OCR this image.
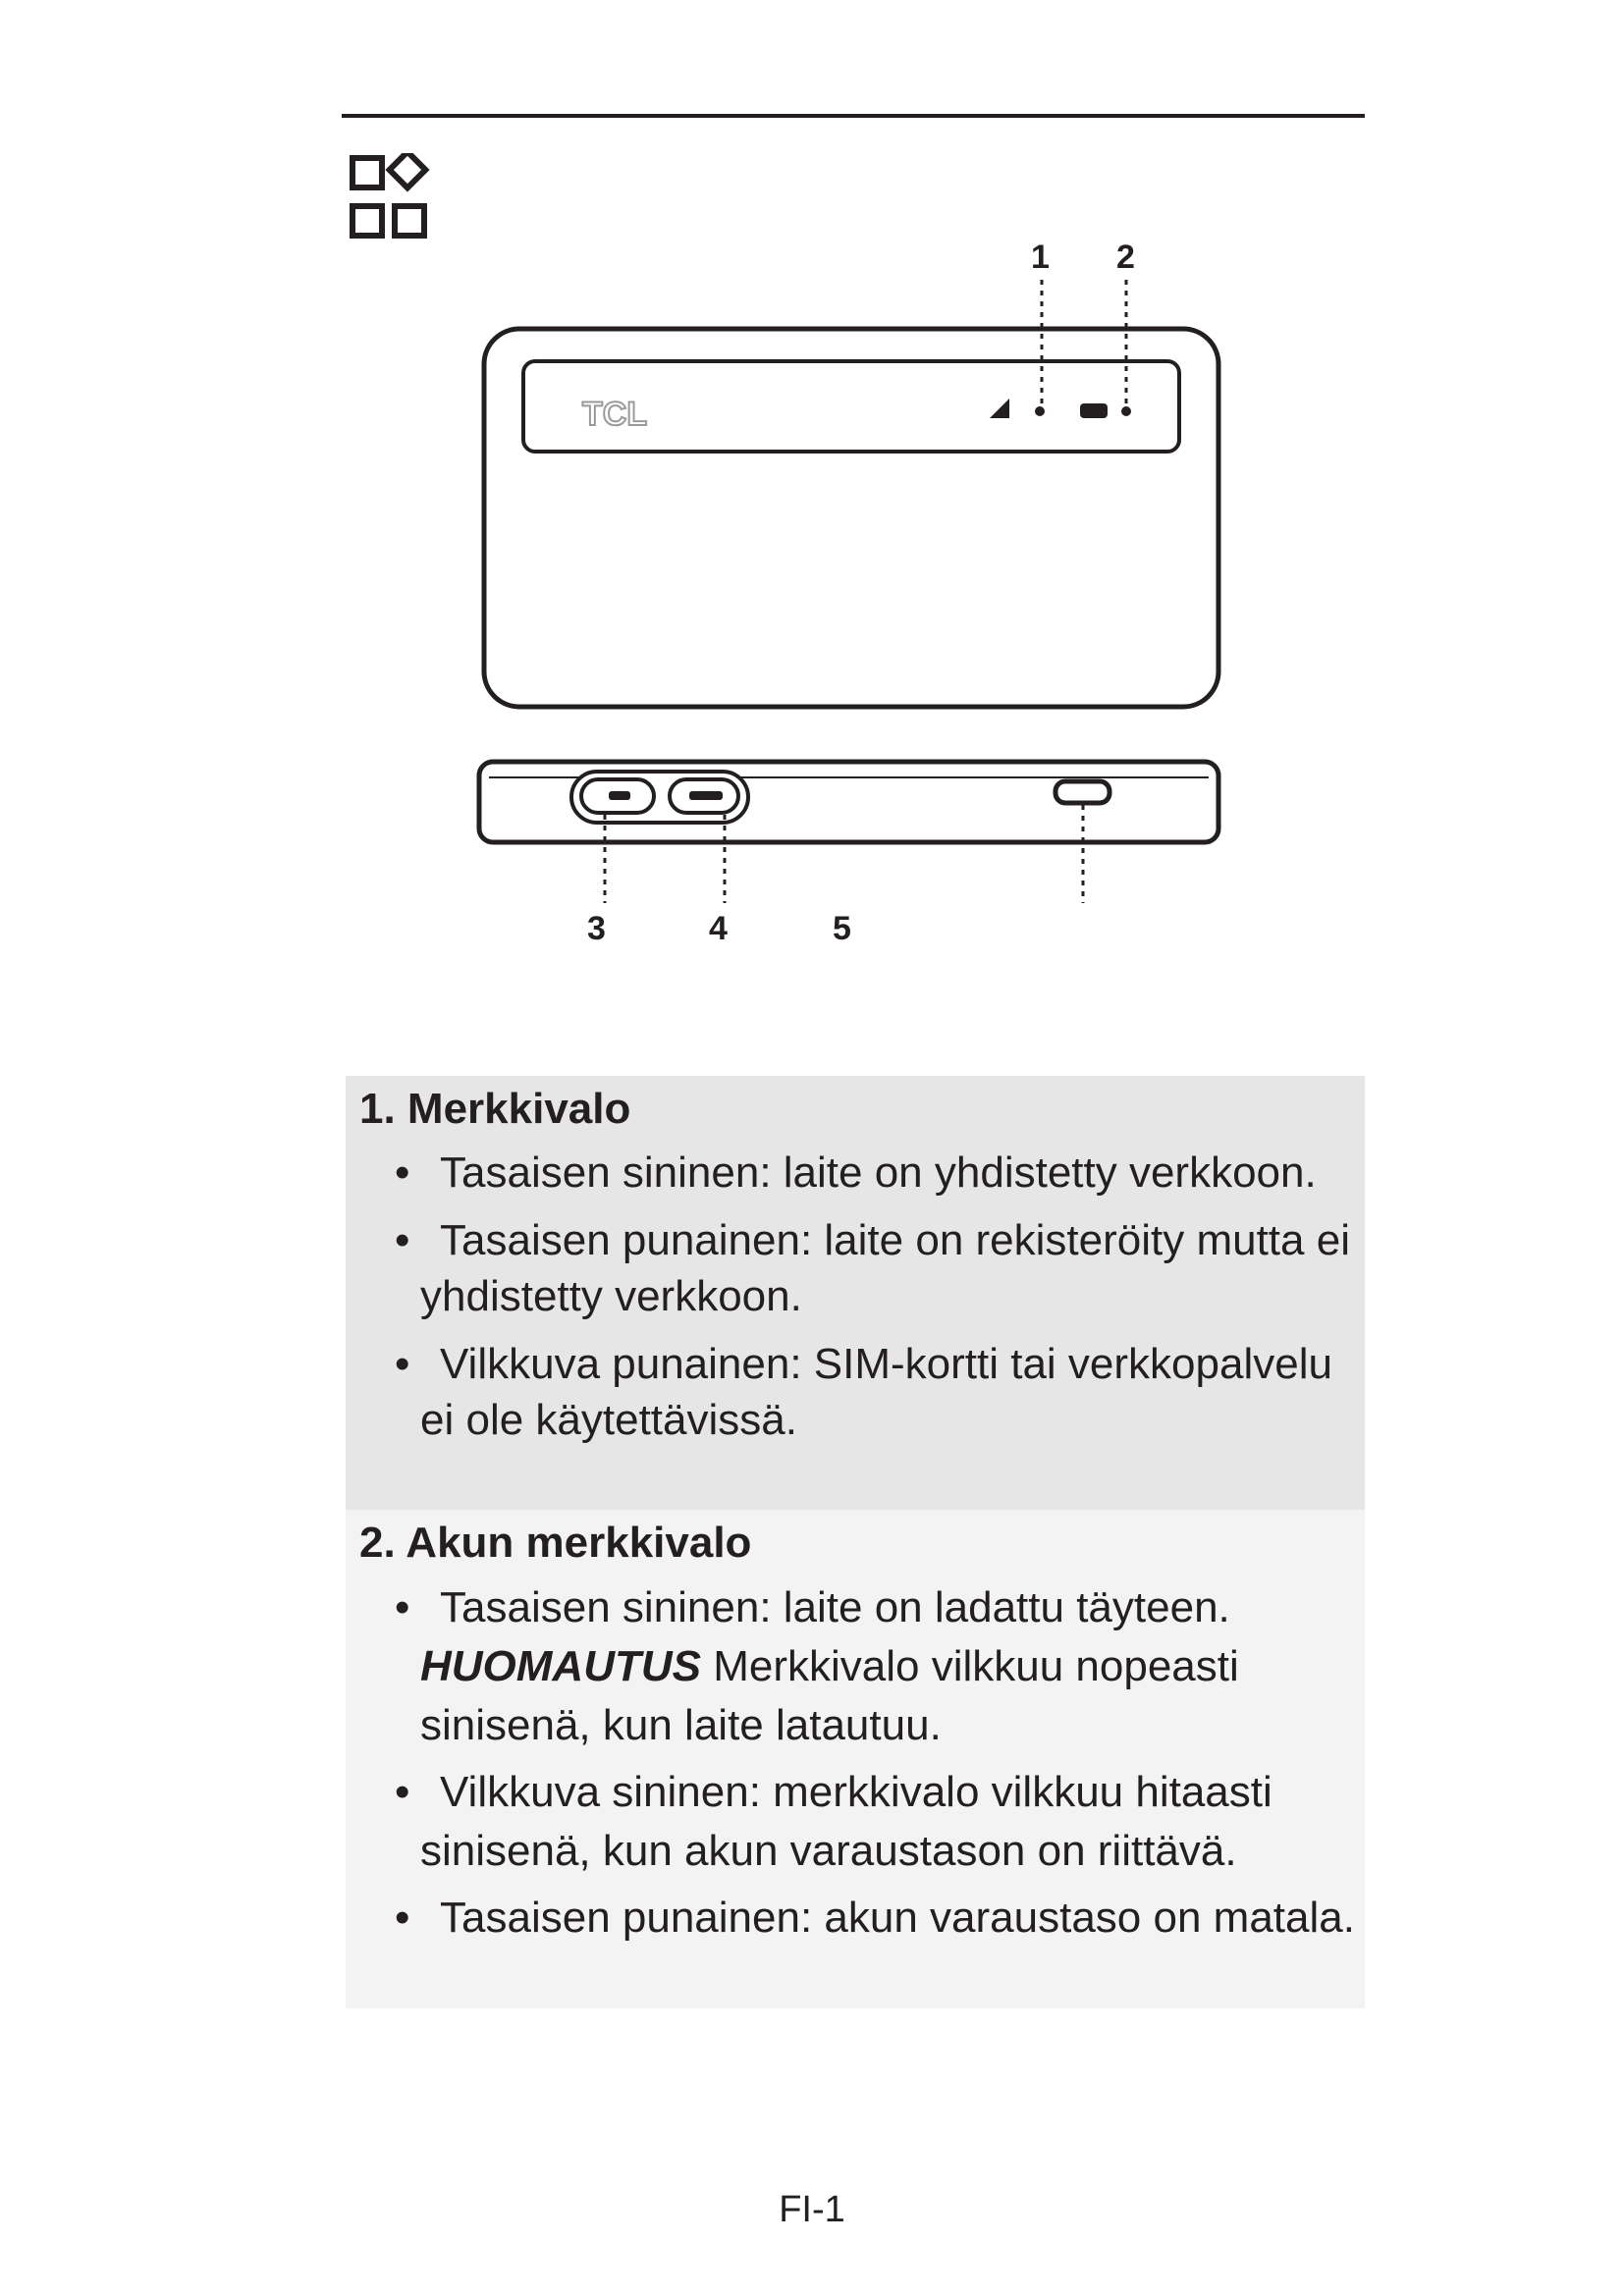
TCL
1 2
3	4	5
1. Merkkivalo
• Tasaisen sininen: laite on yhdistetty verkkoon.
• Tasaisen punainen: laite on rekisteröity mutta ei yhdistetty verkkoon.
• Vilkkuva punainen: SIM-kortti tai verkkopalvelu ei ole käytettävissä.
2. Akun merkkivalo
• Tasaisen sininen: laite on ladattu täyteen.
HUOMAUTUS Merkkivalo vilkkuu nopeasti sinisenä, kun laite latautuu.
• Vilkkuva sininen: merkkivalo vilkkuu hitaasti sinisenä, kun akun varaustason on riittävä.
• Tasaisen punainen: akun varaustaso on matala.
FI-1
